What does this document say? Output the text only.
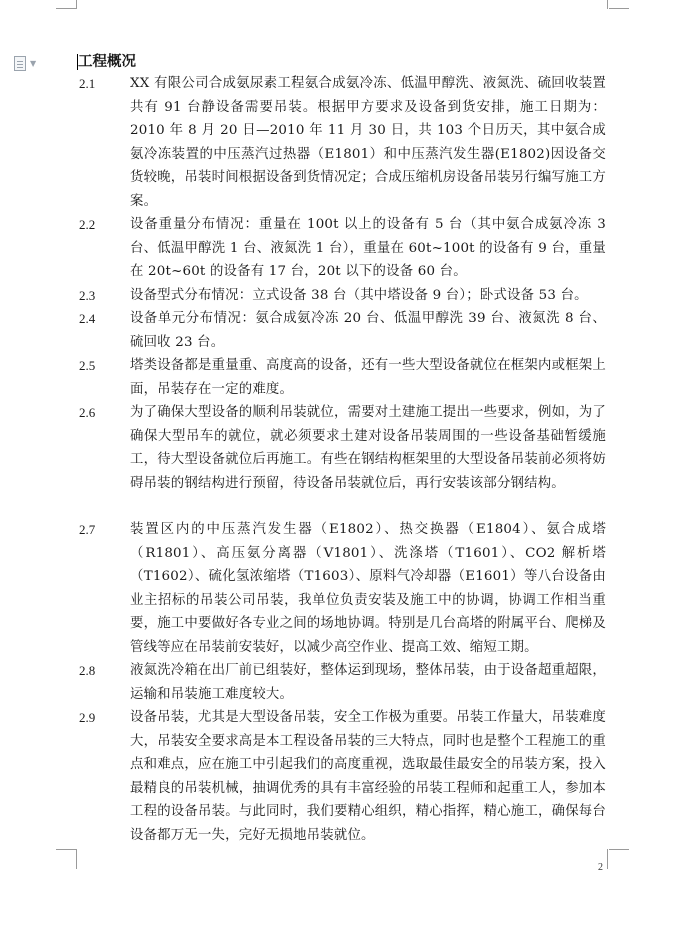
▼	工程概况
2.1	XX 有限公司合成氨尿素工程氨合成氨冷冻、低温甲醇洗、液氮洗、硫回收装置共有 91 台静设备需要吊装。根据甲方要求及设备到货安排，施工日期为：2010 年 8 月 20 日—2010 年 11 月 30 日，共 103 个日历天，其中氨合成氨冷冻装置的中压蒸汽过热器（E1801）和中压蒸汽发生器(E1802)因设备交货较晚，吊装时间根据设备到货情况定；合成压缩机房设备吊装另行编写施工方案。
2.2	设备重量分布情况：重量在 100t 以上的设备有 5 台（其中氨合成氨冷冻 3 台、低温甲醇洗 1 台、液氮洗 1 台），重量在 60t~100t 的设备有 9 台，重量在 20t~60t 的设备有 17 台，20t 以下的设备 60 台。
2.3	设备型式分布情况：立式设备 38 台（其中塔设备 9 台）；卧式设备 53 台。
2.4	设备单元分布情况：氨合成氨冷冻 20 台、低温甲醇洗 39 台、液氮洗 8 台、硫回收 23 台。
2.5	塔类设备都是重量重、高度高的设备，还有一些大型设备就位在框架内或框架上面，吊装存在一定的难度。
2.6	为了确保大型设备的顺利吊装就位，需要对土建施工提出一些要求，例如，为了确保大型吊车的就位，就必须要求土建对设备吊装周围的一些设备基础暂缓施工，待大型设备就位后再施工。有些在钢结构框架里的大型设备吊装前必须将妨碍吊装的钢结构进行预留，待设备吊装就位后，再行安装该部分钢结构。
2.7	装置区内的中压蒸汽发生器（E1802）、热交换器（E1804）、氨合成塔（R1801）、高压氨分离器（V1801）、洗涤塔（T1601）、CO2 解析塔（T1602）、硫化氢浓缩塔（T1603）、原料气冷却器（E1601）等八台设备由业主招标的吊装公司吊装，我单位负责安装及施工中的协调，协调工作相当重要，施工中要做好各专业之间的场地协调。特别是几台高塔的附属平台、爬梯及管线等应在吊装前安装好，以减少高空作业、提高工效、缩短工期。
2.8	液氮洗冷箱在出厂前已组装好，整体运到现场，整体吊装，由于设备超重超限，运输和吊装施工难度较大。
2.9	设备吊装，尤其是大型设备吊装，安全工作极为重要。吊装工作量大，吊装难度大，吊装安全要求高是本工程设备吊装的三大特点，同时也是整个工程施工的重点和难点，应在施工中引起我们的高度重视，选取最佳最安全的吊装方案，投入最精良的吊装机械，抽调优秀的具有丰富经验的吊装工程师和起重工人，参加本工程的设备吊装。与此同时，我们要精心组织，精心指挥，精心施工，确保每台设备都万无一失，完好无损地吊装就位。
2
